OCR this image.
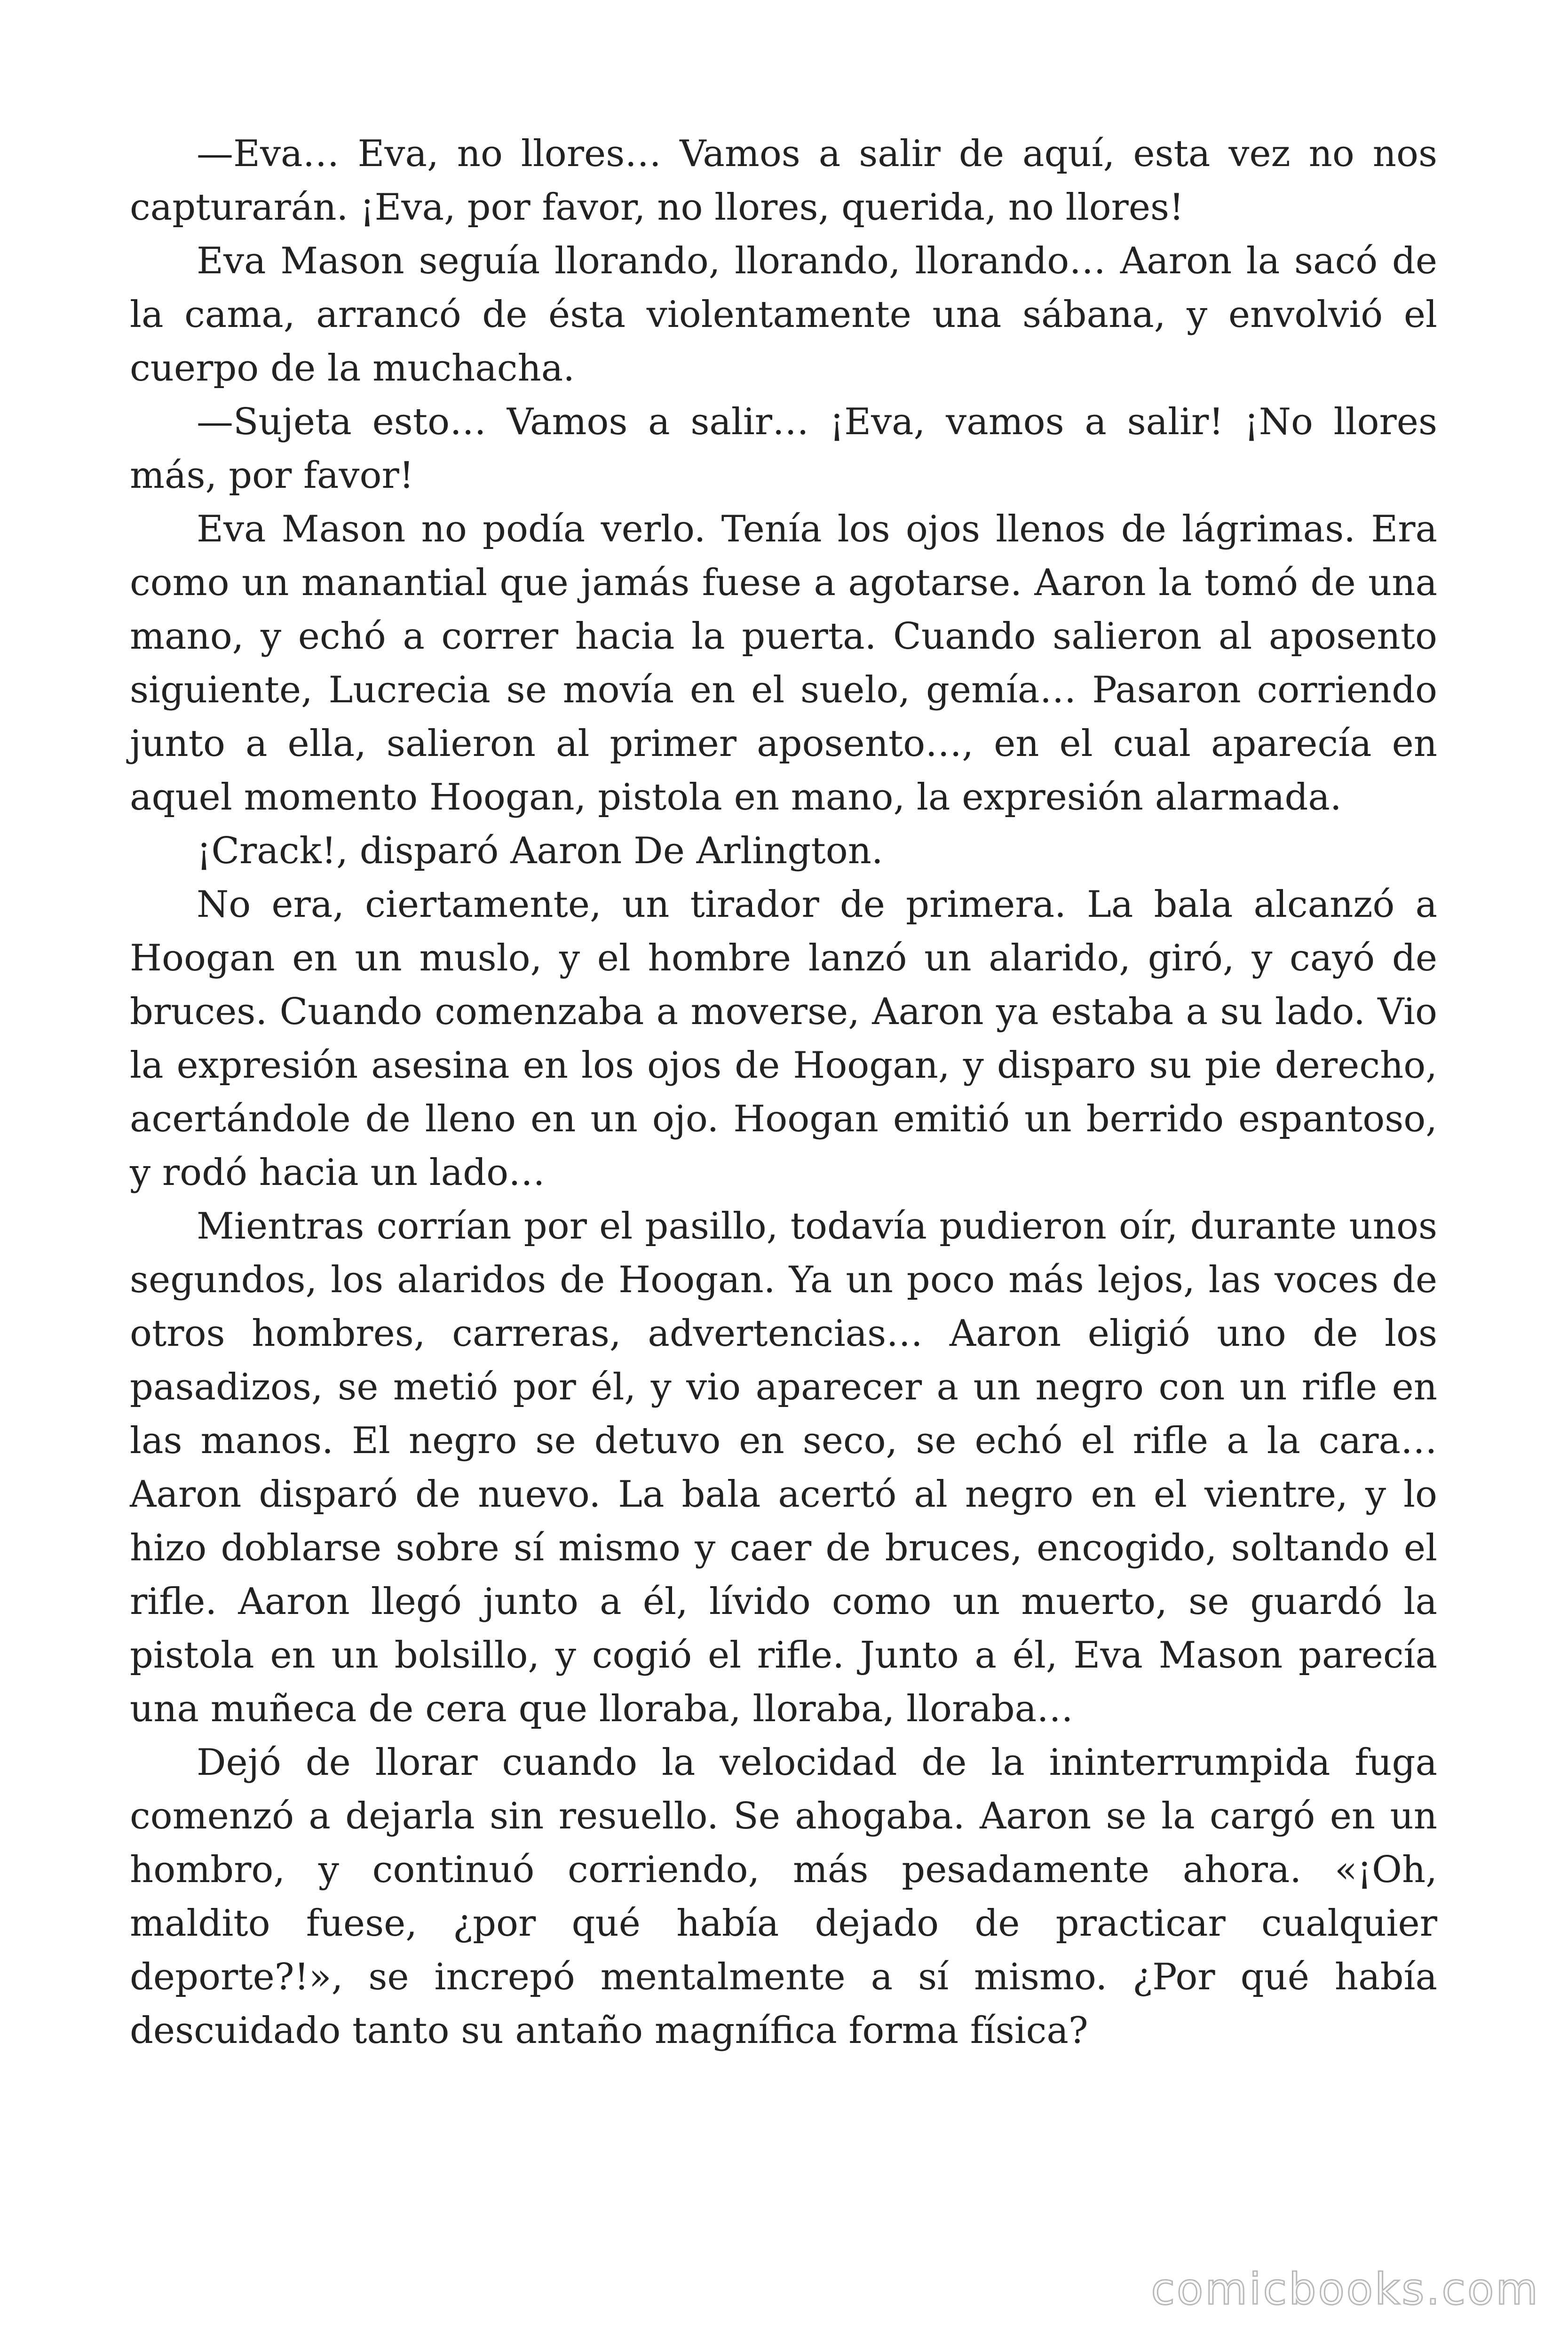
—Eva… Eva, no llores… Vamos a salir de aquí, esta vez no nos capturarán. ¡Eva, por favor, no llores, querida, no llores!

Eva Mason seguía llorando, llorando, llorando… Aaron la sacó de la cama, arrancó de ésta violentamente una sábana, y envolvió el cuerpo de la muchacha.

—Sujeta esto… Vamos a salir… ¡Eva, vamos a salir! ¡No llores más, por favor!

Eva Mason no podía verlo. Tenía los ojos llenos de lágrimas. Era como un manantial que jamás fuese a agotarse. Aaron la tomó de una mano, y echó a correr hacia la puerta. Cuando salieron al aposento siguiente, Lucrecia se movía en el suelo, gemía… Pasaron corriendo junto a ella, salieron al primer aposento…, en el cual aparecía en aquel momento Hoogan, pistola en mano, la expresión alarmada.

¡Crack!, disparó Aaron De Arlington.

No era, ciertamente, un tirador de primera. La bala alcanzó a Hoogan en un muslo, y el hombre lanzó un alarido, giró, y cayó de bruces. Cuando comenzaba a moverse, Aaron ya estaba a su lado. Vio la expresión asesina en los ojos de Hoogan, y disparo su pie derecho, acertándole de lleno en un ojo. Hoogan emitió un berrido espantoso, y rodó hacia un lado…

Mientras corrían por el pasillo, todavía pudieron oír, durante unos segundos, los alaridos de Hoogan. Ya un poco más lejos, las voces de otros hombres, carreras, advertencias… Aaron eligió uno de los pasadizos, se metió por él, y vio aparecer a un negro con un rifle en las manos. El negro se detuvo en seco, se echó el rifle a la cara… Aaron disparó de nuevo. La bala acertó al negro en el vientre, y lo hizo doblarse sobre sí mismo y caer de bruces, encogido, soltando el rifle. Aaron llegó junto a él, lívido como un muerto, se guardó la pistola en un bolsillo, y cogió el rifle. Junto a él, Eva Mason parecía una muñeca de cera que lloraba, lloraba, lloraba…

Dejó de llorar cuando la velocidad de la ininterrumpida fuga comenzó a dejarla sin resuello. Se ahogaba. Aaron se la cargó en un hombro, y continuó corriendo, más pesadamente ahora. «¡Oh, maldito fuese, ¿por qué había dejado de practicar cualquier deporte?!», se increpó mentalmente a sí mismo. ¿Por qué había descuidado tanto su antaño magnífica forma física?

comicbooks.com
